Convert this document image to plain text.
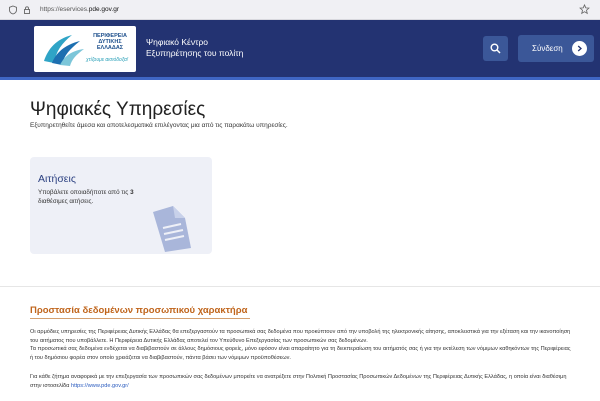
https://eservices.pde.gov.gr
ΠΕΡΙΦΕΡΕΙΑ
ΔΥΤΙΚΗΣ
ΕΛΛΑΔΑΣ
χτίζουμε αισιόδοξα!
Ψηφιακό Κέντρο
Εξυπηρέτησης του πολίτη	Σύνδεση
Ψηφιακές Υπηρεσίες
Εξυπηρετηθείτε άμεσα και αποτελεσματικά επιλέγοντας μια από τις παρακάτω υπηρεσίες.
Αιτήσεις
Υποβάλετε οποιαδήποτε από τις 3 διαθέσιμες αιτήσεις.
Προστασία δεδομένων προσωπικού χαρακτήρα

Οι αρμόδιες υπηρεσίες της Περιφέρειας Δυτικής Ελλάδας θα επεξεργαστούν τα προσωπικά σας δεδομένα που προκύπτουν από την υποβολή της ηλεκτρονικής αίτησης, αποκλειστικά για την εξέταση και την ικανοποίηση του αιτήματος που υποβάλλετε. Η Περιφέρεια Δυτικής Ελλάδας αποτελεί τον Υπεύθυνο Επεξεργασίας των προσωπικών σας δεδομένων.

Τα προσωπικά σας δεδομένα ενδέχεται να διαβιβαστούν σε άλλους δημόσιους φορείς, μόνο εφόσον είναι απαραίτητο για τη διεκπεραίωση του αιτήματός σας ή για την εκτέλεση των νόμιμων καθηκόντων της Περιφέρειας ή του δημόσιου φορέα στον οποίο χρειάζεται να διαβιβαστούν, πάντα βάσει των νόμιμων προϋποθέσεων.

Για κάθε ζήτημα αναφορικά με την επεξεργασία των προσωπικών σας δεδομένων μπορείτε να ανατρέξετε στην Πολιτική Προστασίας Προσωπικών Δεδομένων της Περιφέρειας Δυτικής Ελλάδας, η οποία είναι διαθέσιμη στην ιστοσελίδα https://www.pde.gov.gr/
